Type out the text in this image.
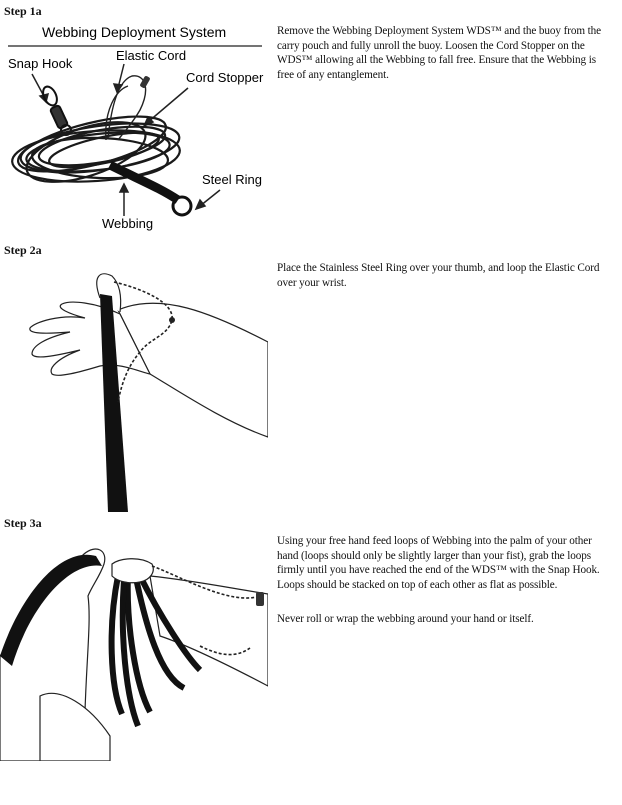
Step 1a
Webbing Deployment System
Snap Hook
Elastic Cord
Cord Stopper
Steel Ring
Webbing

Remove the Webbing Deployment System WDS™ and the buoy from the carry pouch and fully unroll the buoy. Loosen the Cord Stopper on the WDS™ allowing all the Webbing to fall free. Ensure that the Webbing is free of any entanglement.

Step 2a

Place the Stainless Steel Ring over your thumb, and loop the Elastic Cord over your wrist.

Step 3a

Using your free hand feed loops of Webbing into the palm of your other hand (loops should only be slightly larger than your fist), grab the loops firmly until you have reached the end of the WDS™ with the Snap Hook. Loops should be stacked on top of each other as flat as possible.

Never roll or wrap the webbing around your hand or itself.
